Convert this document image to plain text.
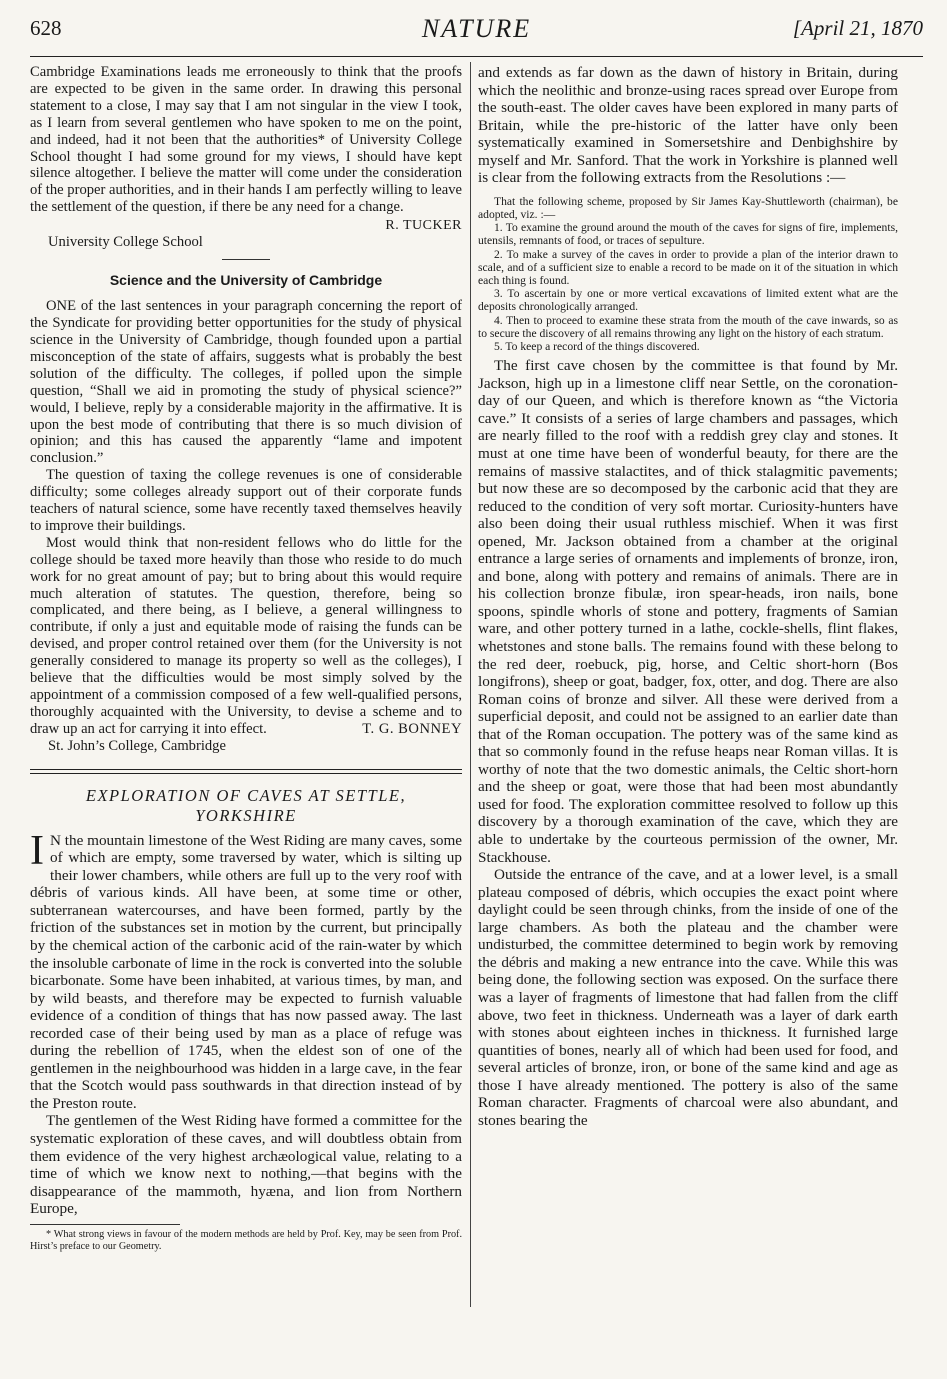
628	NATURE	[April 21, 1870

Cambridge Examinations leads me erroneously to think that the proofs are expected to be given in the same order. In drawing this personal statement to a close, I may say that I am not singular in the view I took, as I learn from several gentlemen who have spoken to me on the point, and indeed, had it not been that the authorities* of University College School thought I had some ground for my views, I should have kept silence altogether. I believe the matter will come under the consideration of the proper authorities, and in their hands I am perfectly willing to leave the settlement of the question, if there be any need for a change.

R. TUCKER
University College School
Science and the University of Cambridge

ONE of the last sentences in your paragraph concerning the report of the Syndicate for providing better opportunities for the study of physical science in the University of Cambridge, though founded upon a partial misconception of the state of affairs, suggests what is probably the best solution of the difficulty. The colleges, if polled upon the simple question, “Shall we aid in promoting the study of physical science?” would, I believe, reply by a considerable majority in the affirmative. It is upon the best mode of contributing that there is so much division of opinion; and this has caused the apparently “lame and impotent conclusion.”

The question of taxing the college revenues is one of considerable difficulty; some colleges already support out of their corporate funds teachers of natural science, some have recently taxed themselves heavily to improve their buildings.

Most would think that non-resident fellows who do little for the college should be taxed more heavily than those who reside to do much work for no great amount of pay; but to bring about this would require much alteration of statutes. The question, therefore, being so complicated, and there being, as I believe, a general willingness to contribute, if only a just and equitable mode of raising the funds can be devised, and proper control retained over them (for the University is not generally considered to manage its property so well as the colleges), I believe that the difficulties would be most simply solved by the appointment of a commission composed of a few well-qualified persons, thoroughly acquainted with the University, to devise a scheme and to draw up an act for carrying it into effect.	T. G. BONNEY

St. John’s College, Cambridge
EXPLORATION OF CAVES AT SETTLE,
YORKSHIRE

I N the mountain limestone of the West Riding are many caves, some of which are empty, some traversed by water, which is silting up their lower chambers, while others are full up to the very roof with débris of various kinds. All have been, at some time or other, subterranean watercourses, and have been formed, partly by the friction of the substances set in motion by the current, but principally by the chemical action of the carbonic acid of the rain-water by which the insoluble carbonate of lime in the rock is converted into the soluble bicarbonate. Some have been inhabited, at various times, by man, and by wild beasts, and therefore may be expected to furnish valuable evidence of a condition of things that has now passed away. The last recorded case of their being used by man as a place of refuge was during the rebellion of 1745, when the eldest son of one of the gentlemen in the neighbourhood was hidden in a large cave, in the fear that the Scotch would pass southwards in that direction instead of by the Preston route.

The gentlemen of the West Riding have formed a committee for the systematic exploration of these caves, and will doubtless obtain from them evidence of the very highest archæological value, relating to a time of which we know next to nothing,—that begins with the disappearance of the mammoth, hyæna, and lion from Northern Europe,

* What strong views in favour of the modern methods are held by Prof. Key, may be seen from Prof. Hirst’s preface to our Geometry.

and extends as far down as the dawn of history in Britain, during which the neolithic and bronze-using races spread over Europe from the south-east. The older caves have been explored in many parts of Britain, while the pre-historic of the latter have only been systematically examined in Somersetshire and Denbighshire by myself and Mr. Sanford. That the work in Yorkshire is planned well is clear from the following extracts from the Resolutions :—

That the following scheme, proposed by Sir James Kay-Shuttleworth (chairman), be adopted, viz. :—

1. To examine the ground around the mouth of the caves for signs of fire, implements, utensils, remnants of food, or traces of sepulture.

2. To make a survey of the caves in order to provide a plan of the interior drawn to scale, and of a sufficient size to enable a record to be made on it of the situation in which each thing is found.

3. To ascertain by one or more vertical excavations of limited extent what are the deposits chronologically arranged.

4. Then to proceed to examine these strata from the mouth of the cave inwards, so as to secure the discovery of all remains throwing any light on the history of each stratum.

5. To keep a record of the things discovered.

The first cave chosen by the committee is that found by Mr. Jackson, high up in a limestone cliff near Settle, on the coronation-day of our Queen, and which is therefore known as “the Victoria cave.” It consists of a series of large chambers and passages, which are nearly filled to the roof with a reddish grey clay and stones. It must at one time have been of wonderful beauty, for there are the remains of massive stalactites, and of thick stalagmitic pavements; but now these are so decomposed by the carbonic acid that they are reduced to the condition of very soft mortar. Curiosity-hunters have also been doing their usual ruthless mischief. When it was first opened, Mr. Jackson obtained from a chamber at the original entrance a large series of ornaments and implements of bronze, iron, and bone, along with pottery and remains of animals. There are in his collection bronze fibulæ, iron spear-heads, iron nails, bone spoons, spindle whorls of stone and pottery, fragments of Samian ware, and other pottery turned in a lathe, cockle-shells, flint flakes, whetstones and stone balls. The remains found with these belong to the red deer, roebuck, pig, horse, and Celtic short-horn (Bos longifrons), sheep or goat, badger, fox, otter, and dog. There are also Roman coins of bronze and silver. All these were derived from a superficial deposit, and could not be assigned to an earlier date than that of the Roman occupation. The pottery was of the same kind as that so commonly found in the refuse heaps near Roman villas. It is worthy of note that the two domestic animals, the Celtic short-horn and the sheep or goat, were those that had been most abundantly used for food. The exploration committee resolved to follow up this discovery by a thorough examination of the cave, which they are able to undertake by the courteous permission of the owner, Mr. Stackhouse.

Outside the entrance of the cave, and at a lower level, is a small plateau composed of débris, which occupies the exact point where daylight could be seen through chinks, from the inside of one of the large chambers. As both the plateau and the chamber were undisturbed, the committee determined to begin work by removing the débris and making a new entrance into the cave. While this was being done, the following section was exposed. On the surface there was a layer of fragments of limestone that had fallen from the cliff above, two feet in thickness. Underneath was a layer of dark earth with stones about eighteen inches in thickness. It furnished large quantities of bones, nearly all of which had been used for food, and several articles of bronze, iron, or bone of the same kind and age as those I have already mentioned. The pottery is also of the same Roman character. Fragments of charcoal were also abundant, and stones bearing the
